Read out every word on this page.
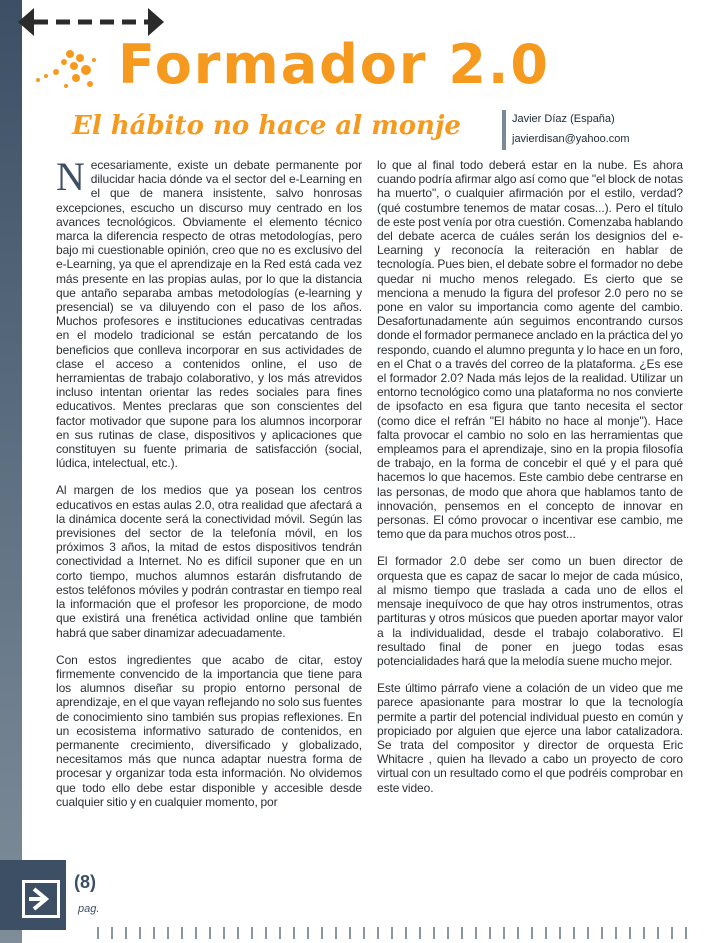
Formador 2.0
El hábito no hace al monje	Javier Díaz (España)
javierdisan@yahoo.com

Necesariamente, existe un debate permanente por dilucidar hacia dónde va el sector del e-Learning en el que de manera insistente, salvo honrosas excepciones, escucho un discurso muy centrado en los avances tecnológicos. Obviamente el elemento técnico marca la diferencia respecto de otras metodologías, pero bajo mi cuestionable opinión, creo que no es exclusivo del e-Learning, ya que el aprendizaje en la Red está cada vez más presente en las propias aulas, por lo que la distancia que antaño separaba ambas metodologías (e-learning y presencial) se va diluyendo con el paso de los años. Muchos profesores e instituciones educativas centradas en el modelo tradicional se están percatando de los beneficios que conlleva incorporar en sus actividades de clase el acceso a contenidos online, el uso de herramientas de trabajo colaborativo, y los más atrevidos incluso intentan orientar las redes sociales para fines educativos. Mentes preclaras que son conscientes del factor motivador que supone para los alumnos incorporar en sus rutinas de clase, dispositivos y aplicaciones que constituyen su fuente primaria de satisfacción (social, lúdica, intelectual, etc.).

Al margen de los medios que ya posean los centros educativos en estas aulas 2.0, otra realidad que afectará a la dinámica docente será la conectividad móvil. Según las previsiones del sector de la telefonía móvil, en los próximos 3 años, la mitad de estos dispositivos tendrán conectividad a Internet. No es difícil suponer que en un corto tiempo, muchos alumnos estarán disfrutando de estos teléfonos móviles y podrán contrastar en tiempo real la información que el profesor les proporcione, de modo que existirá una frenética actividad online que también habrá que saber dinamizar adecuadamente.

Con estos ingredientes que acabo de citar, estoy firmemente convencido de la importancia que tiene para los alumnos diseñar su propio entorno personal de aprendizaje, en el que vayan reflejando no solo sus fuentes de conocimiento sino también sus propias reflexiones. En un ecosistema informativo saturado de contenidos, en permanente crecimiento, diversificado y globalizado, necesitamos más que nunca adaptar nuestra forma de procesar y organizar toda esta información. No olvidemos que todo ello debe estar disponible y accesible desde cualquier sitio y en cualquier momento, por

lo que al final todo deberá estar en la nube. Es ahora cuando podría afirmar algo así como que "el block de notas ha muerto", o cualquier afirmación por el estilo, verdad? (qué costumbre tenemos de matar cosas...). Pero el título de este post venía por otra cuestión. Comenzaba hablando del debate acerca de cuáles serán los designios del e-Learning y reconocía la reiteración en hablar de tecnología. Pues bien, el debate sobre el formador no debe quedar ni mucho menos relegado. Es cierto que se menciona a menudo la figura del profesor 2.0 pero no se pone en valor su importancia como agente del cambio. Desafortunadamente aún seguimos encontrando cursos donde el formador permanece anclado en la práctica del yo respondo, cuando el alumno pregunta y lo hace en un foro, en el Chat o a través del correo de la plataforma. ¿Es ese el formador 2.0? Nada más lejos de la realidad. Utilizar un entorno tecnológico como una plataforma no nos convierte de ipsofacto en esa figura que tanto necesita el sector (como dice el refrán "El hábito no hace al monje"). Hace falta provocar el cambio no solo en las herramientas que empleamos para el aprendizaje, sino en la propia filosofía de trabajo, en la forma de concebir el qué y el para qué hacemos lo que hacemos. Este cambio debe centrarse en las personas, de modo que ahora que hablamos tanto de innovación, pensemos en el concepto de innovar en personas. El cómo provocar o incentivar ese cambio, me temo que da para muchos otros post...

El formador 2.0 debe ser como un buen director de orquesta que es capaz de sacar lo mejor de cada músico, al mismo tiempo que traslada a cada uno de ellos el mensaje inequívoco de que hay otros instrumentos, otras partituras y otros músicos que pueden aportar mayor valor a la individualidad, desde el trabajo colaborativo. El resultado final de poner en juego todas esas potencialidades hará que la melodía suene mucho mejor.

Este último párrafo viene a colación de un video que me parece apasionante para mostrar lo que la tecnología permite a partir del potencial individual puesto en común y propiciado por alguien que ejerce una labor catalizadora. Se trata del compositor y director de orquesta Eric Whitacre , quien ha llevado a cabo un proyecto de coro virtual con un resultado como el que podréis comprobar en este video.

(8)
pag.
